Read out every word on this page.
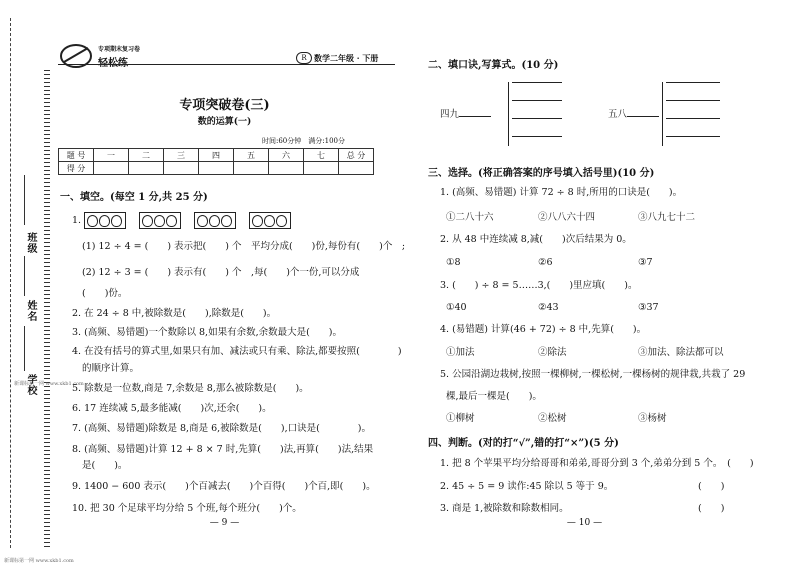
班级
姓名
学校
新课标第一网 www.xkb1.com
专项期末复习卷
R 数学二年级 · 下册
专项突破卷(三)
数的运算(一)
时间:60分钟　满分:100分
题 号	一	二	三	四	五	六	七	总 分
得 分								
一、填空。(每空 1 分,共 25 分)
1.
(1) 12 ÷ 4 = (　　) 表示把(　　) 个　平均分成(　　)份,每份有(　　)个　;
(2) 12 ÷ 3 = (　　) 表示有(　　) 个　,每(　　)个一份,可以分成
(　　)份。
2. 在 24 ÷ 8 中,被除数是(　　),除数是(　　)。
3. (高频、易错题)一个数除以 8,如果有余数,余数最大是(　　)。
4. 在没有括号的算式里,如果只有加、减法或只有乘、除法,都要按照(　　　　)
的顺序计算。
5. 除数是一位数,商是 7,余数是 8,那么被除数是(　　)。
6. 17 连续减 5,最多能减(　　)次,还余(　　)。
7. (高频、易错题)除数是 8,商是 6,被除数是(　　),口诀是(　　　　)。
8. (高频、易错题)计算 12 + 8 × 7 时,先算(　　)法,再算(　　)法,结果
是(　　)。
9. 1400 − 600 表示(　　)个百减去(　　)个百得(　　)个百,即(　　)。
10. 把 30 个足球平均分给 5 个班,每个班分(　　)个。
— 9 —
二、填口诀,写算式。(10 分)
四九	五八
三、选择。(将正确答案的序号填入括号里)(10 分)
1. (高频、易错题) 计算 72 ÷ 8 时,所用的口诀是(　　)。
①二八十六	②八八六十四	③八九七十二
2. 从 48 中连续减 8,减(　　)次后结果为 0。
①8	②6	③7
3. (　　) ÷ 8 = 5……3,(　　)里应填(　　)。
①40	②43	③37
4. (易错题) 计算(46 + 72) ÷ 8 中,先算(　　)。
①加法	②除法	③加法、除法都可以
5. 公园沿湖边栽树,按照一棵柳树,一棵松树,一棵杨树的规律栽,共栽了 29
棵,最后一棵是(　　)。
①柳树	②松树	③杨树
四、判断。(对的打“√”,错的打“×”)(5 分)
1. 把 8 个苹果平均分给哥哥和弟弟,哥哥分到 3 个,弟弟分到 5 个。　(　　)
2. 45 ÷ 5 = 9 读作:45 除以 5 等于 9。	(　　)
3. 商是 1,被除数和除数相同。	(　　)
— 10 —
新课标第一网 www.xkb1.com
